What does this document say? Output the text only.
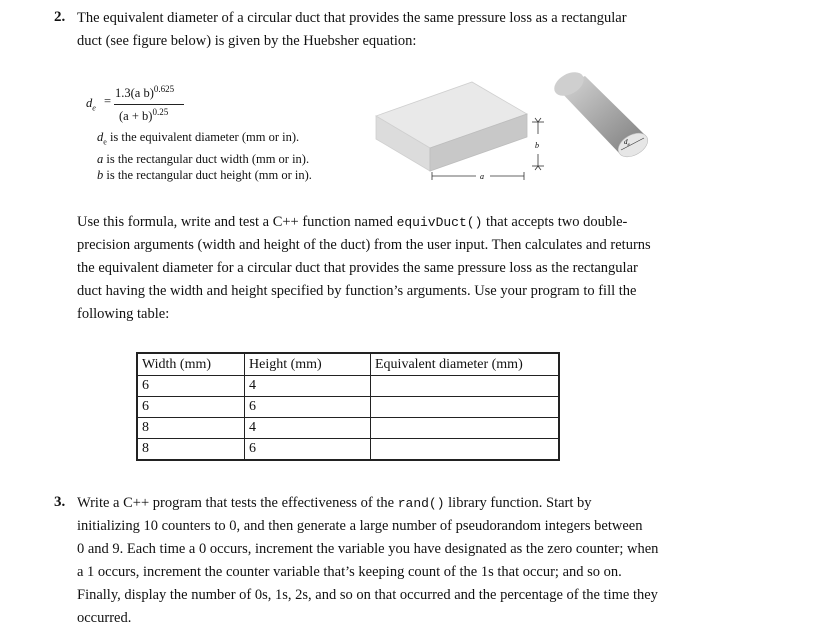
2. The equivalent diameter of a circular duct that provides the same pressure loss as a rectangular
duct (see figure below) is given by the Huebsher equation:
$d_e$ =
1.3(a b)$^{0.625}$
$(a + b)^{0.25}$
$d_e$ is the equivalent diameter (mm or in).
a is the rectangular duct width (mm or in).
b is the rectangular duct height (mm or in).
b
a
$d_e$
Use this formula, write and test a C++ function named equivDuct() that accepts two double-
precision arguments (width and height of the duct) from the user input. Then calculates and returns
the equivalent diameter for a circular duct that provides the same pressure loss as the rectangular
duct having the width and height specified by function’s arguments. Use your program to fill the
following table:
Width (mm)	Height (mm)	Equivalent diameter (mm)
6	4	
6	6	
8	4	
8	6	
3. Write a C++ program that tests the effectiveness of the rand() library function. Start by
initializing 10 counters to 0, and then generate a large number of pseudorandom integers between
0 and 9. Each time a 0 occurs, increment the variable you have designated as the zero counter; when
a 1 occurs, increment the counter variable that’s keeping count of the 1s that occur; and so on.
Finally, display the number of 0s, 1s, 2s, and so on that occurred and the percentage of the time they
occurred.
